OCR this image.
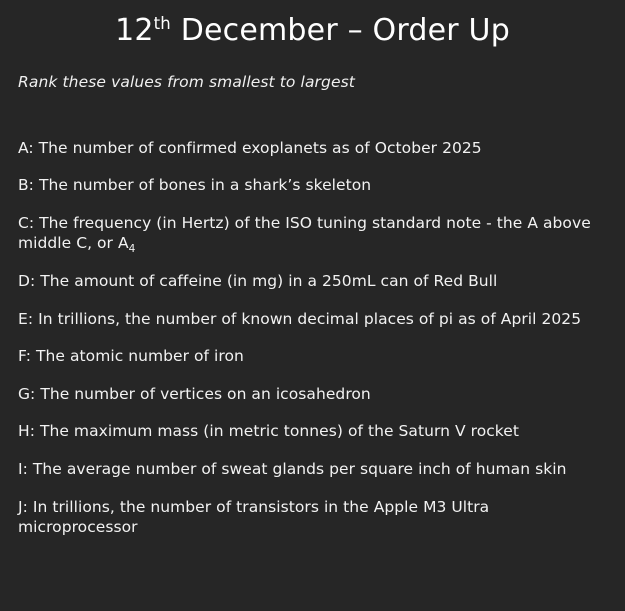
12th December – Order Up

Rank these values from smallest to largest

A: The number of confirmed exoplanets as of October 2025
B: The number of bones in a shark’s skeleton
C: The frequency (in Hertz) of the ISO tuning standard note - the A above middle C, or $A_4$
D: The amount of caffeine (in mg) in a 250mL can of Red Bull
E: In trillions, the number of known decimal places of pi as of April 2025
F: The atomic number of iron
G: The number of vertices on an icosahedron
H: The maximum mass (in metric tonnes) of the Saturn V rocket
I: The average number of sweat glands per square inch of human skin
J: In trillions, the number of transistors in the Apple M3 Ultra microprocessor
